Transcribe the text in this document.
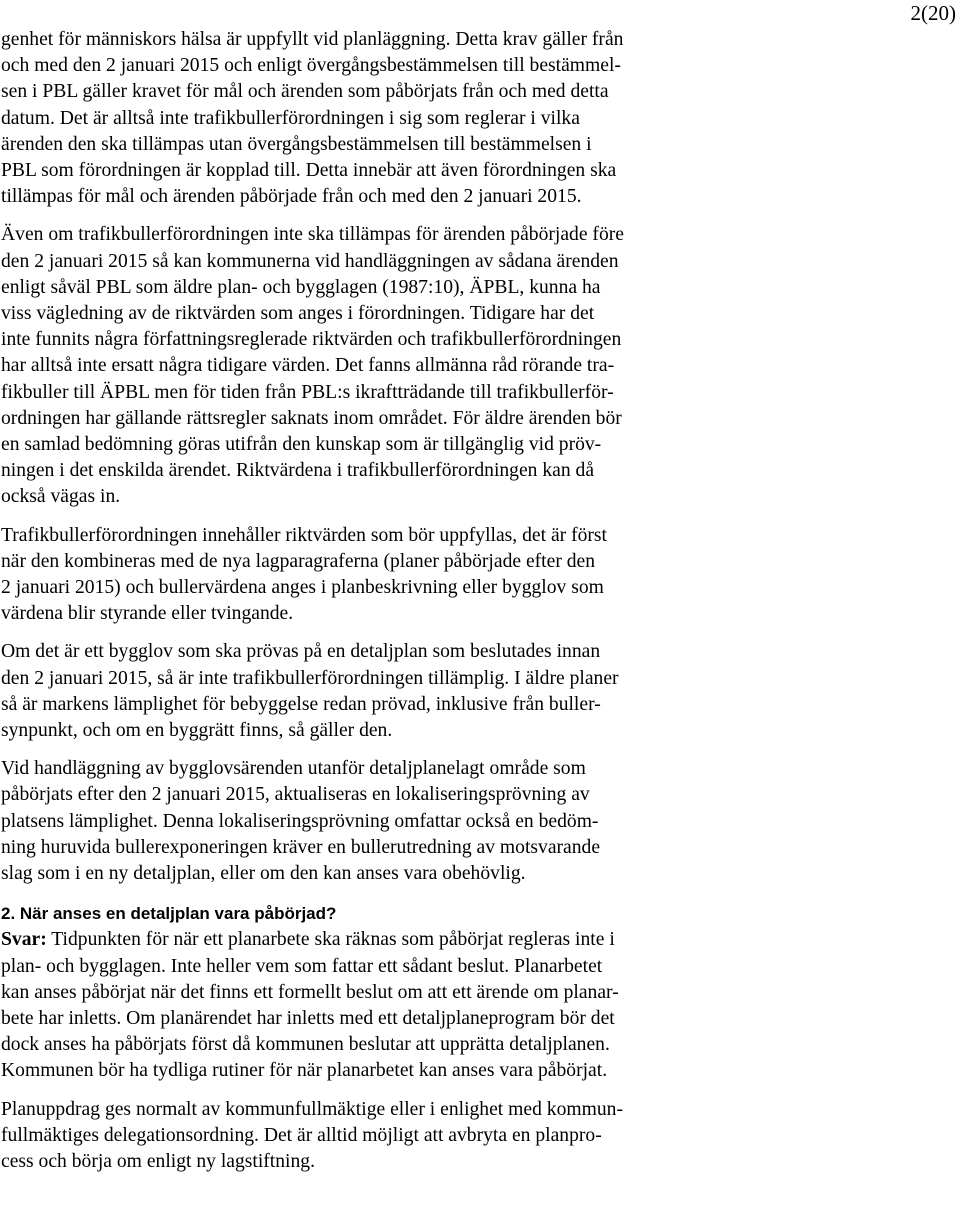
2(20)

genhet för människors hälsa är uppfyllt vid planläggning. Detta krav gäller från
och med den 2 januari 2015 och enligt övergångsbestämmelsen till bestämmel-
sen i PBL gäller kravet för mål och ärenden som påbörjats från och med detta
datum. Det är alltså inte trafikbullerförordningen i sig som reglerar i vilka
ärenden den ska tillämpas utan övergångsbestämmelsen till bestämmelsen i
PBL som förordningen är kopplad till. Detta innebär att även förordningen ska
tillämpas för mål och ärenden påbörjade från och med den 2 januari 2015.

Även om trafikbullerförordningen inte ska tillämpas för ärenden påbörjade före
den 2 januari 2015 så kan kommunerna vid handläggningen av sådana ärenden
enligt såväl PBL som äldre plan- och bygglagen (1987:10), ÄPBL, kunna ha
viss vägledning av de riktvärden som anges i förordningen. Tidigare har det
inte funnits några författningsreglerade riktvärden och trafikbullerförordningen
har alltså inte ersatt några tidigare värden. Det fanns allmänna råd rörande tra-
fikbuller till ÄPBL men för tiden från PBL:s ikraftträdande till trafikbullerför-
ordningen har gällande rättsregler saknats inom området. För äldre ärenden bör
en samlad bedömning göras utifrån den kunskap som är tillgänglig vid pröv-
ningen i det enskilda ärendet. Riktvärdena i trafikbullerförordningen kan då
också vägas in.

Trafikbullerförordningen innehåller riktvärden som bör uppfyllas, det är först
när den kombineras med de nya lagparagraferna (planer påbörjade efter den
2 januari 2015) och bullervärdena anges i planbeskrivning eller bygglov som
värdena blir styrande eller tvingande.

Om det är ett bygglov som ska prövas på en detaljplan som beslutades innan
den 2 januari 2015, så är inte trafikbullerförordningen tillämplig. I äldre planer
så är markens lämplighet för bebyggelse redan prövad, inklusive från buller-
synpunkt, och om en byggrätt finns, så gäller den.

Vid handläggning av bygglovsärenden utanför detaljplanelagt område som
påbörjats efter den 2 januari 2015, aktualiseras en lokaliseringsprövning av
platsens lämplighet. Denna lokaliseringsprövning omfattar också en bedöm-
ning huruvida bullerexponeringen kräver en bullerutredning av motsvarande
slag som i en ny detaljplan, eller om den kan anses vara obehövlig.

2. När anses en detaljplan vara påbörjad?

Svar: Tidpunkten för när ett planarbete ska räknas som påbörjat regleras inte i
plan- och bygglagen. Inte heller vem som fattar ett sådant beslut. Planarbetet
kan anses påbörjat när det finns ett formellt beslut om att ett ärende om planar-
bete har inletts. Om planärendet har inletts med ett detaljplaneprogram bör det
dock anses ha påbörjats först då kommunen beslutar att upprätta detaljplanen.
Kommunen bör ha tydliga rutiner för när planarbetet kan anses vara påbörjat.

Planuppdrag ges normalt av kommunfullmäktige eller i enlighet med kommun-
fullmäktiges delegationsordning. Det är alltid möjligt att avbryta en planpro-
cess och börja om enligt ny lagstiftning.
